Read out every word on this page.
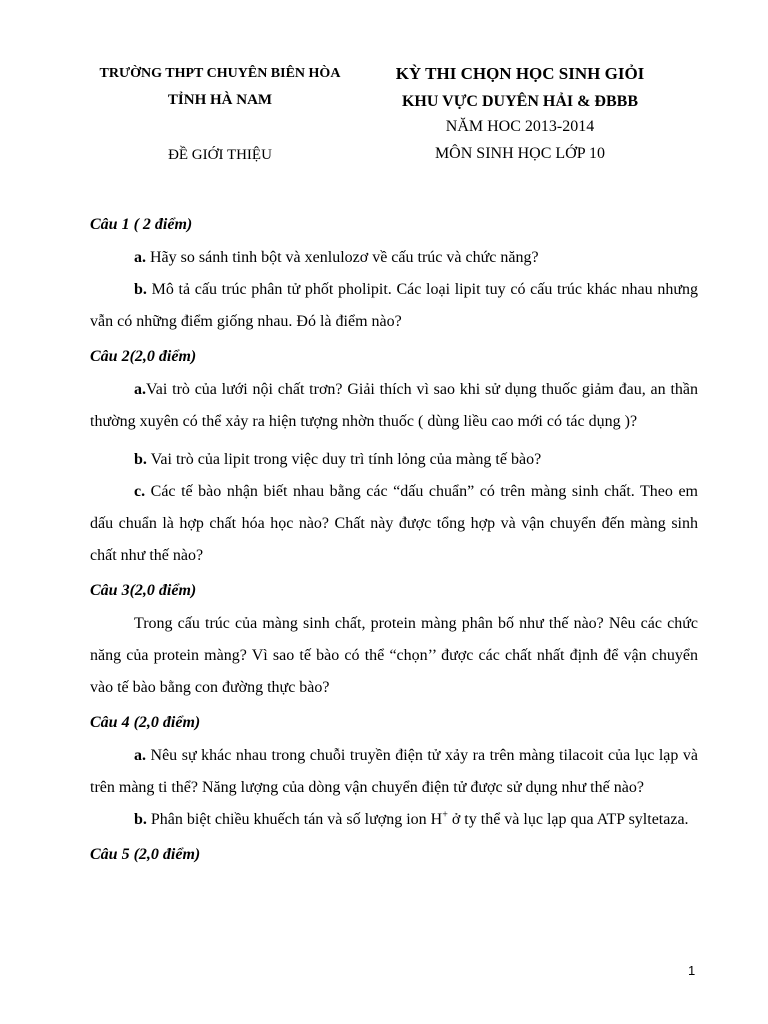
TRƯỜNG THPT CHUYÊN BIÊN HÒA
TỈNH HÀ NAM
ĐỀ GIỚI THIỆU
KỲ THI CHỌN HỌC SINH GIỎI
KHU VỰC DUYÊN HẢI & ĐBBB
NĂM HOC 2013-2014
MÔN SINH HỌC LỚP 10
Câu 1 ( 2 điểm)

a. Hãy so sánh tinh bột và xenlulozơ về cấu trúc và chức năng?

b. Mô tả cấu trúc phân tử phốt pholipit. Các loại lipit tuy có cấu trúc khác nhau nhưng vẫn có những điểm giống nhau. Đó là điểm nào?

Câu 2(2,0 điểm)

a.Vai trò của lưới nội chất trơn? Giải thích vì sao khi sử dụng thuốc giảm đau, an thần thường xuyên có thể xảy ra hiện tượng nhờn thuốc ( dùng liều cao mới có tác dụng )?

b. Vai trò của lipit trong việc duy trì tính lỏng của màng tế bào?

c. Các tế bào nhận biết nhau bằng các “dấu chuẩn” có trên màng sinh chất. Theo em dấu chuẩn là hợp chất hóa học nào? Chất này được tổng hợp và vận chuyển đến màng sinh chất như thế nào?

Câu 3(2,0 điểm)

Trong cấu trúc của màng sinh chất, protein màng phân bố như thế nào? Nêu các chức năng của protein màng? Vì sao tế bào có thể “chọn’’ được các chất nhất định để vận chuyển vào tế bào bằng con đường thực bào?

Câu 4 (2,0 điểm)

a. Nêu sự khác nhau trong chuỗi truyền điện tử xảy ra trên màng tilacoit của lục lạp và trên màng ti thể? Năng lượng của dòng vận chuyển điện tử được sử dụng như thế nào?

b. Phân biệt chiều khuếch tán và số lượng ion H+ ở ty thể và lục lạp qua ATP syltetaza.

Câu 5 (2,0 điểm)
1
